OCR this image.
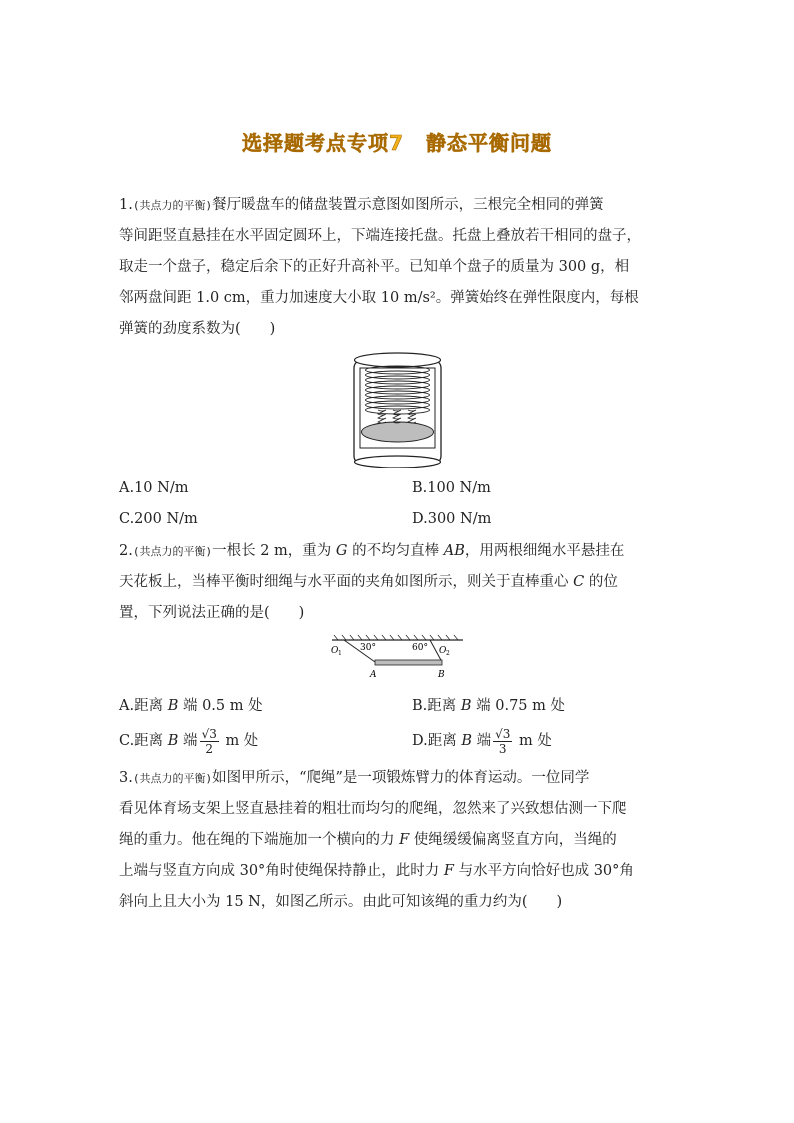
选择题考点专项7 静态平衡问题
1.(共点力的平衡)餐厅暖盘车的储盘装置示意图如图所示，三根完全相同的弹簧
等间距竖直悬挂在水平固定圆环上，下端连接托盘。托盘上叠放若干相同的盘子，
取走一个盘子，稳定后余下的正好升高补平。已知单个盘子的质量为 300 g，相
邻两盘间距 1.0 cm，重力加速度大小取 10 m/s²。弹簧始终在弹性限度内，每根
弹簧的劲度系数为(　　)
A.10 N/m	B.100 N/m
C.200 N/m	D.300 N/m
2.(共点力的平衡)一根长 2 m，重为 G 的不均匀直棒 AB，用两根细绳水平悬挂在
天花板上，当棒平衡时细绳与水平面的夹角如图所示，则关于直棒重心 C 的位
置，下列说法正确的是(　　)
O 1
30°	60° O 2
A	B
A.距离 B 端 0.5 m 处	B.距离 B 端 0.75 m 处
C.距离 B 端 $\frac{√3}{2}$ m 处	D.距离 B 端 $\frac{√3}{3}$ m 处
3.(共点力的平衡)如图甲所示，“爬绳”是一项锻炼臂力的体育运动。一位同学
看见体育场支架上竖直悬挂着的粗壮而均匀的爬绳，忽然来了兴致想估测一下爬
绳的重力。他在绳的下端施加一个横向的力 F 使绳缓缓偏离竖直方向，当绳的
上端与竖直方向成 30°角时使绳保持静止，此时力 F 与水平方向恰好也成 30°角
斜向上且大小为 15 N，如图乙所示。由此可知该绳的重力约为(　　)
